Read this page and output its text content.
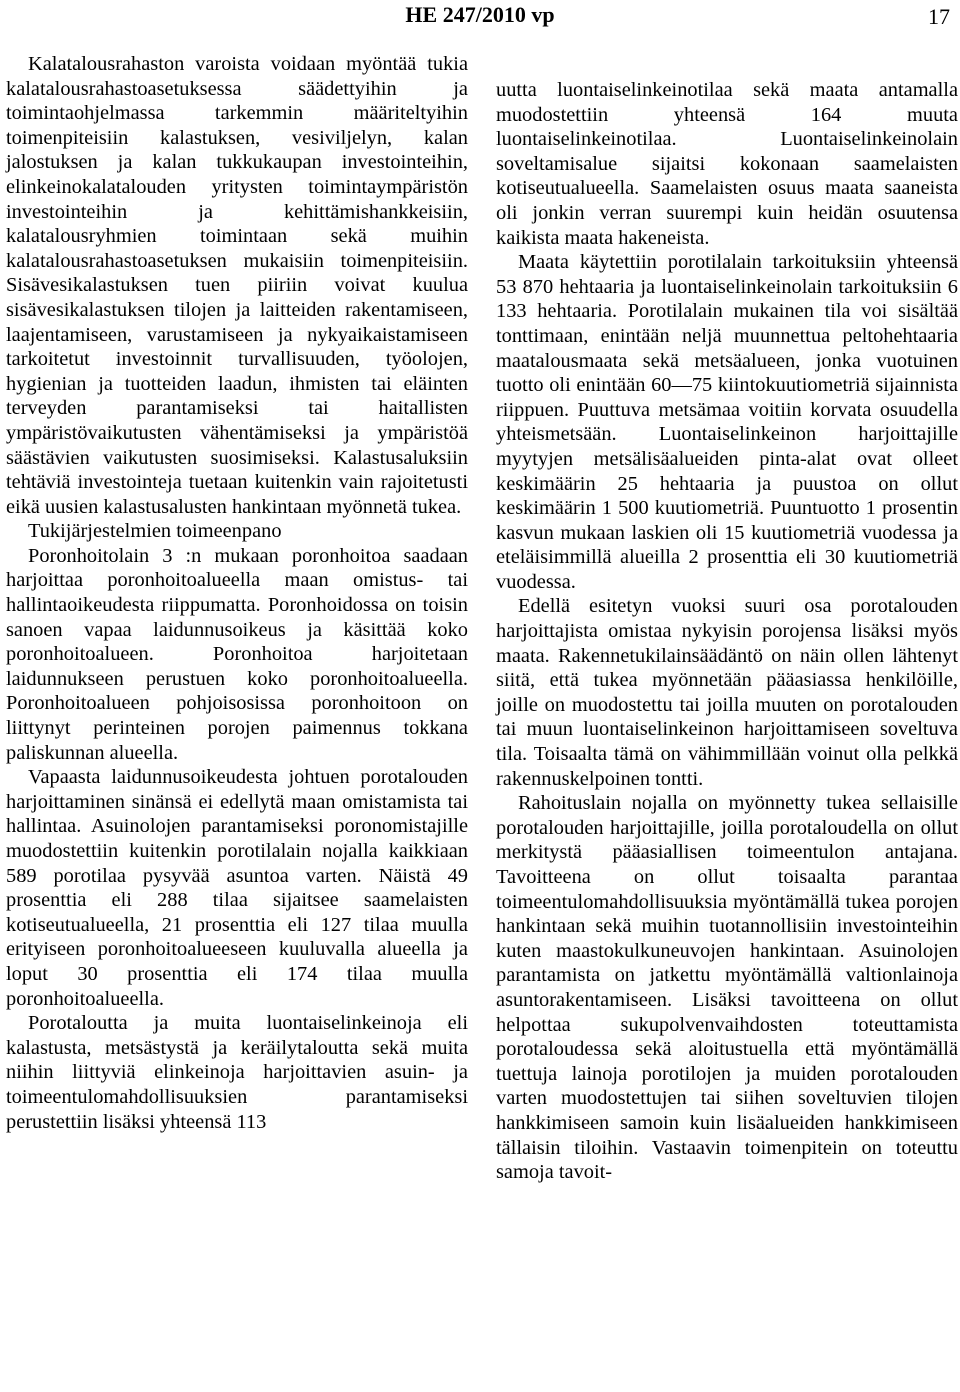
HE 247/2010 vp	17

Kalatalousrahaston varoista voidaan myöntää tukia kalatalousrahastoasetuksessa säädettyihin ja toimintaohjelmassa tarkemmin määriteltyihin toimenpiteisiin kalastuksen, vesiviljelyn, kalan jalostuksen ja kalan tukkukaupan investointeihin, elinkeinokalatalouden yritysten toimintaympäristön investointeihin ja kehittämishankkeisiin, kalatalousryhmien toimintaan sekä muihin kalatalousrahastoasetuksen mukaisiin toimenpiteisiin. Sisävesikalastuksen tuen piiriin voivat kuulua sisävesikalastuksen tilojen ja laitteiden rakentamiseen, laajentamiseen, varustamiseen ja nykyaikaistamiseen tarkoitetut investoinnit turvallisuuden, työolojen, hygienian ja tuotteiden laadun, ihmisten tai eläinten terveyden parantamiseksi tai haitallisten ympäristövaikutusten vähentämiseksi ja ympäristöä säästävien vaikutusten suosimiseksi. Kalastusaluksiin tehtäviä investointeja tuetaan kuitenkin vain rajoitetusti eikä uusien kalastusalusten hankintaan myönnetä tukea.

Tukijärjestelmien toimeenpano

Poronhoitolain 3 :n mukaan poronhoitoa saadaan harjoittaa poronhoitoalueella maan omistus- tai hallintaoikeudesta riippumatta. Poronhoidossa on toisin sanoen vapaa laidunnusoikeus ja käsittää koko poronhoitoalueen. Poronhoitoa harjoitetaan laidunnukseen perustuen koko poronhoitoalueella. Poronhoitoalueen pohjoisosissa poronhoitoon on liittynyt perinteinen porojen paimennus tokkana paliskunnan alueella.

Vapaasta laidunnusoikeudesta johtuen porotalouden harjoittaminen sinänsä ei edellytä maan omistamista tai hallintaa. Asuinolojen parantamiseksi poronomistajille muodostettiin kuitenkin porotilalain nojalla kaikkiaan 589 porotilaa pysyvää asuntoa varten. Näistä 49 prosenttia eli 288 tilaa sijaitsee saamelaisten kotiseutualueella, 21 prosenttia eli 127 tilaa muulla erityiseen poronhoitoalueeseen kuuluvalla alueella ja loput 30 prosenttia eli 174 tilaa muulla poronhoitoalueella.

Porotaloutta ja muita luontaiselinkeinoja eli kalastusta, metsästystä ja keräilytaloutta sekä muita niihin liittyviä elinkeinoja harjoittavien asuin- ja toimeentulomahdollisuuksien parantamiseksi perustettiin lisäksi yhteensä 113

uutta luontaiselinkeinotilaa sekä maata antamalla muodostettiin yhteensä 164 muuta luontaiselinkeinotilaa. Luontaiselinkeinolain soveltamisalue sijaitsi kokonaan saamelaisten kotiseutualueella. Saamelaisten osuus maata saaneista oli jonkin verran suurempi kuin heidän osuutensa kaikista maata hakeneista.

Maata käytettiin porotilalain tarkoituksiin yhteensä 53 870 hehtaaria ja luontaiselinkeinolain tarkoituksiin 6 133 hehtaaria. Porotilalain mukainen tila voi sisältää tonttimaan, enintään neljä muunnettua peltohehtaaria maatalousmaata sekä metsäalueen, jonka vuotuinen tuotto oli enintään 60—75 kiintokuutiometriä sijainnista riippuen. Puuttuva metsämaa voitiin korvata osuudella yhteismetsään. Luontaiselinkeinon harjoittajille myytyjen metsälisäalueiden pinta-alat ovat olleet keskimäärin 25 hehtaaria ja puustoa on ollut keskimäärin 1 500 kuutiometriä. Puuntuotto 1 prosentin kasvun mukaan laskien oli 15 kuutiometriä vuodessa ja eteläisimmillä alueilla 2 prosenttia eli 30 kuutiometriä vuodessa.

Edellä esitetyn vuoksi suuri osa porotalouden harjoittajista omistaa nykyisin porojensa lisäksi myös maata. Rakennetukilainsäädäntö on näin ollen lähtenyt siitä, että tukea myönnetään pääasiassa henkilöille, joille on muodostettu tai joilla muuten on porotalouden tai muun luontaiselinkeinon harjoittamiseen soveltuva tila. Toisaalta tämä on vähimmillään voinut olla pelkkä rakennuskelpoinen tontti.

Rahoituslain nojalla on myönnetty tukea sellaisille porotalouden harjoittajille, joilla porotaloudella on ollut merkitystä pääasiallisen toimeentulon antajana. Tavoitteena on ollut toisaalta parantaa toimeentulomahdollisuuksia myöntämällä tukea porojen hankintaan sekä muihin tuotannollisiin investointeihin kuten maastokulkuneuvojen hankintaan. Asuinolojen parantamista on jatkettu myöntämällä valtionlainoja asuntorakentamiseen. Lisäksi tavoitteena on ollut helpottaa sukupolvenvaihdosten toteuttamista porotaloudessa sekä aloitustuella että myöntämällä tuettuja lainoja porotilojen ja muiden porotalouden varten muodostettujen tai siihen soveltuvien tilojen hankkimiseen samoin kuin lisäalueiden hankkimiseen tällaisin tiloihin. Vastaavin toimenpitein on toteuttu samoja tavoit-
